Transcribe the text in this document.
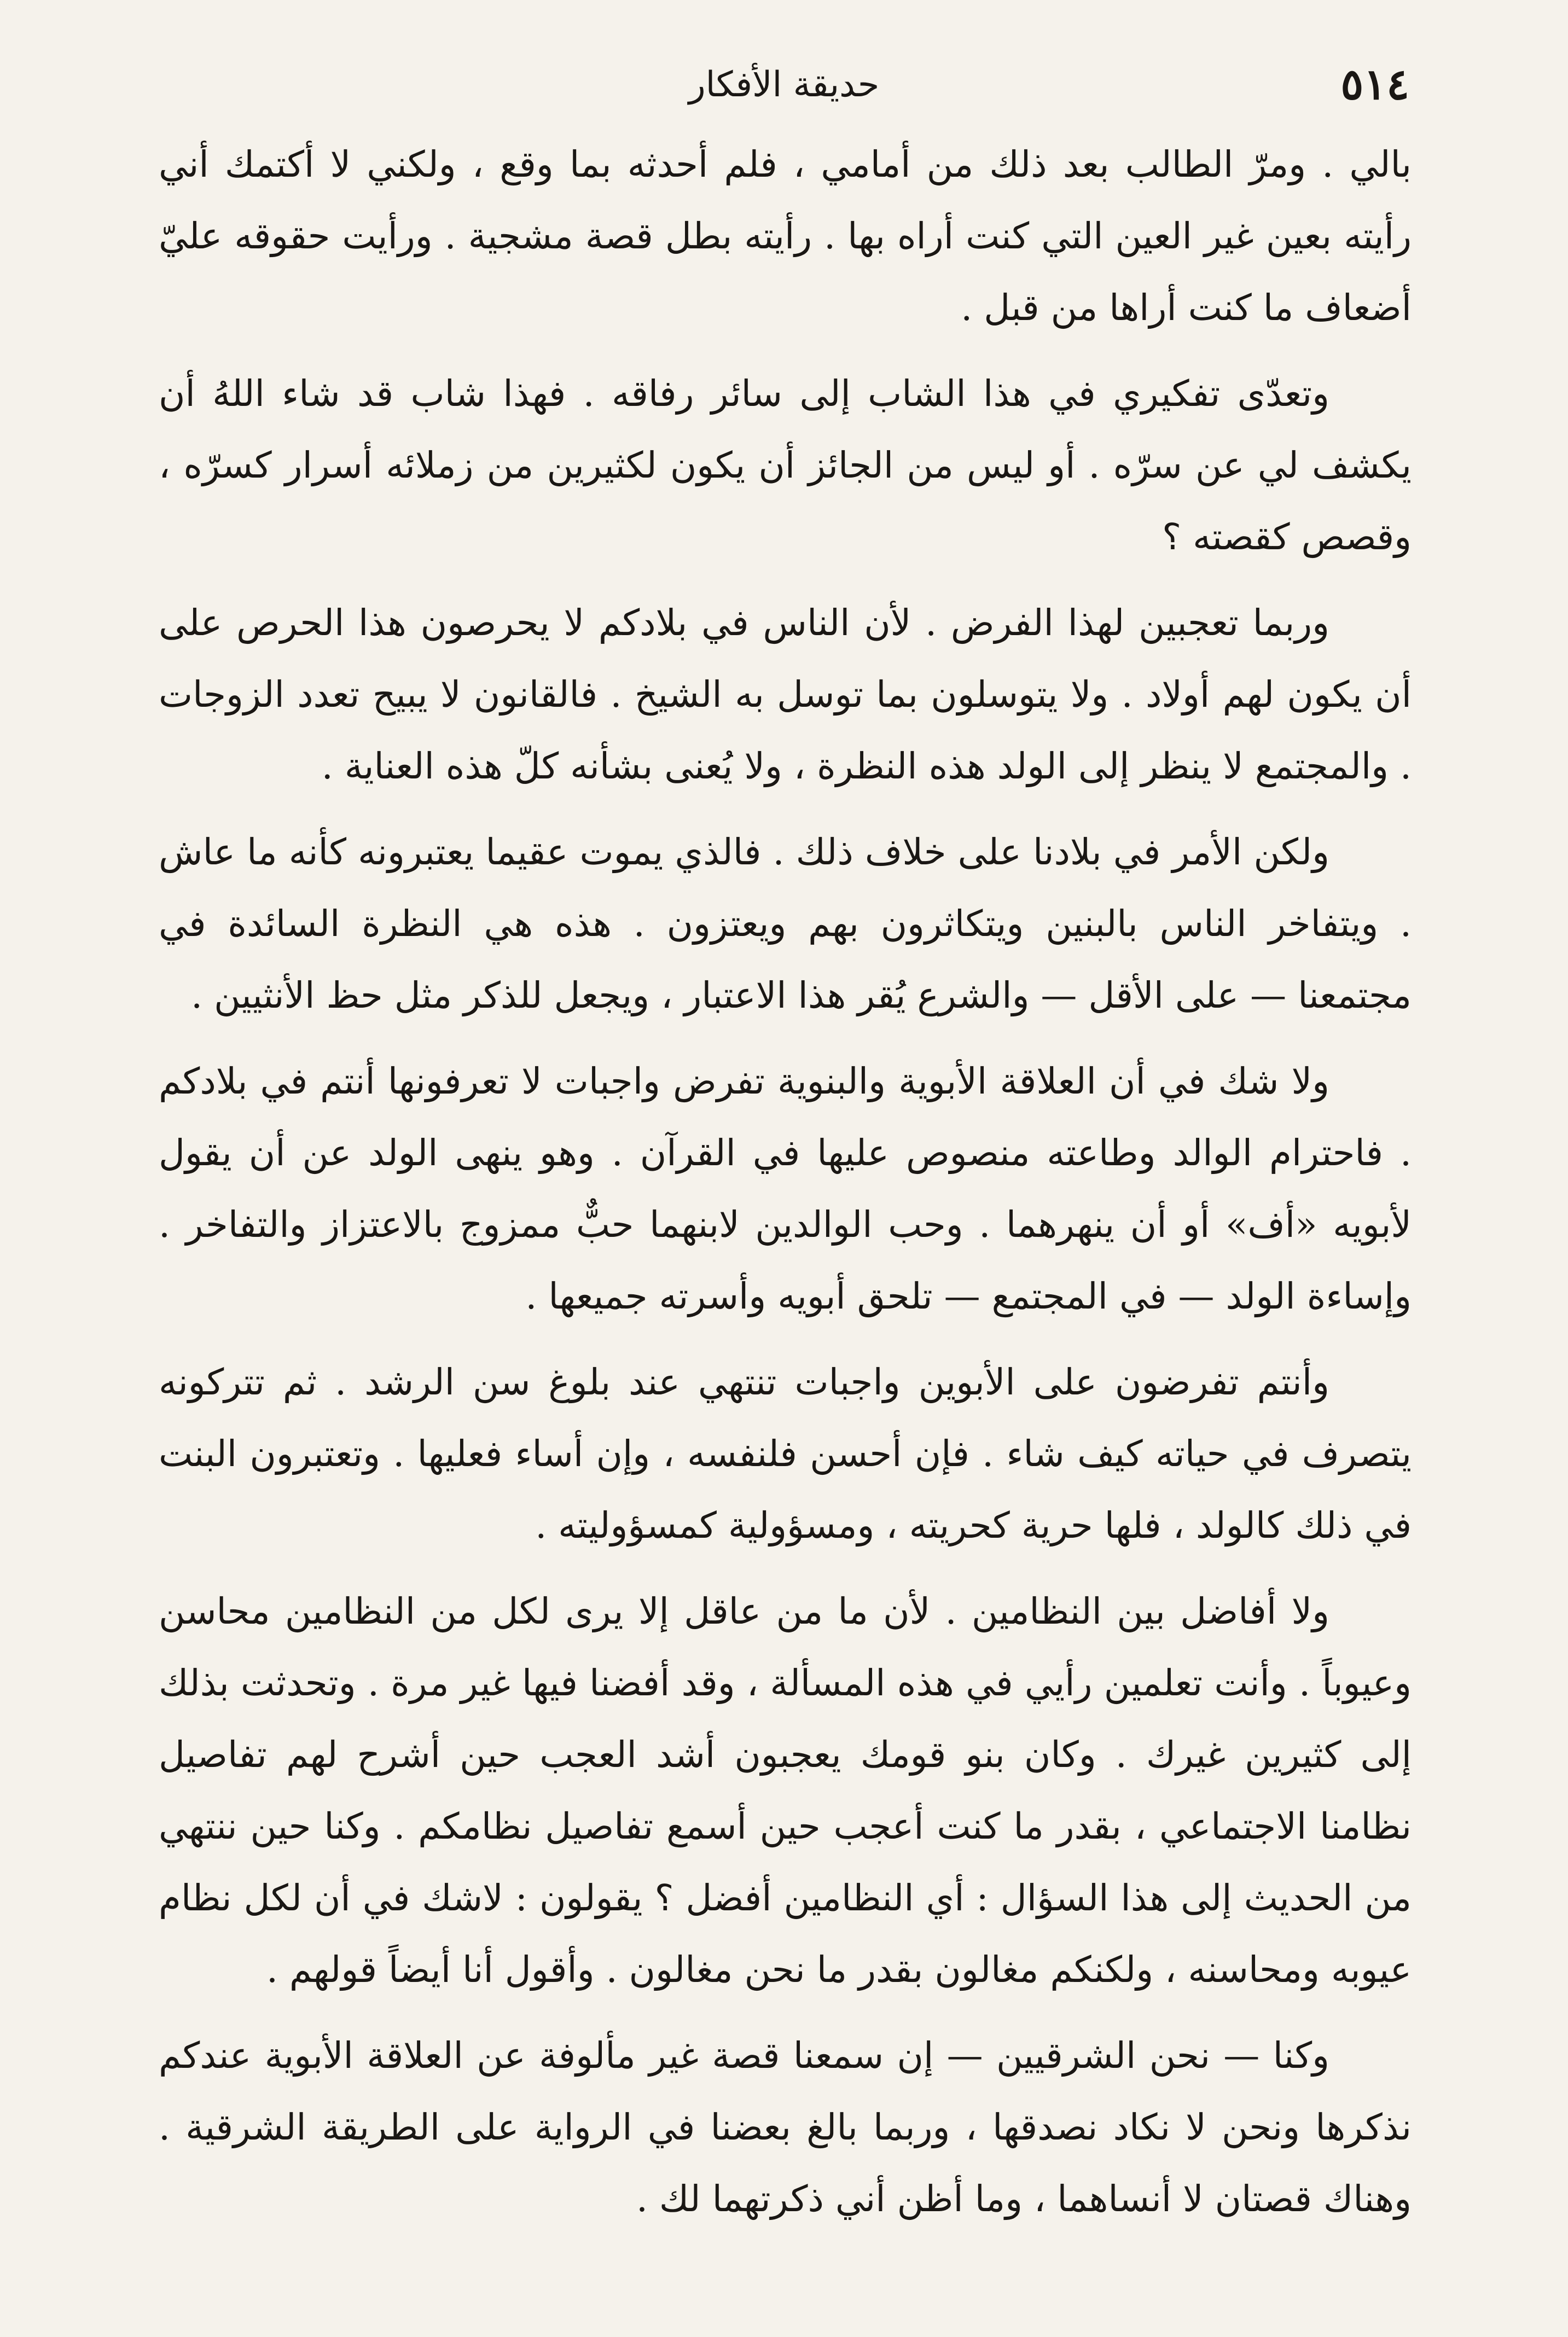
٥١٤
حديقة الأفكار

بالي . ومرّ الطالب بعد ذلك من أمامي ، فلم أحدثه بما وقع ، ولكني لا أكتمك أني رأيته بعين غير العين التي كنت أراه بها . رأيته بطل قصة مشجية . ورأيت حقوقه عليّ أضعاف ما كنت أراها من قبل .

وتعدّى تفكيري في هذا الشاب إلى سائر رفاقه . فهذا شاب قد شاء اللهُ أن يكشف لي عن سرّه . أو ليس من الجائز أن يكون لكثيرين من زملائه أسرار كسرّه ، وقصص كقصته ؟

وربما تعجبين لهذا الفرض . لأن الناس في بلادكم لا يحرصون هذا الحرص على أن يكون لهم أولاد . ولا يتوسلون بما توسل به الشيخ . فالقانون لا يبيح تعدد الزوجات . والمجتمع لا ينظر إلى الولد هذه النظرة ، ولا يُعنى بشأنه كلّ هذه العناية .

ولكن الأمر في بلادنا على خلاف ذلك . فالذي يموت عقيما يعتبرونه كأنه ما عاش . ويتفاخر الناس بالبنين ويتكاثرون بهم ويعتزون . هذه هي النظرة السائدة في مجتمعنا — على الأقل — والشرع يُقر هذا الاعتبار ، ويجعل للذكر مثل حظ الأنثيين .

ولا شك في أن العلاقة الأبوية والبنوية تفرض واجبات لا تعرفونها أنتم في بلادكم . فاحترام الوالد وطاعته منصوص عليها في القرآن . وهو ينهى الولد عن أن يقول لأبويه «أف» أو أن ينهرهما . وحب الوالدين لابنهما حبٌّ ممزوج بالاعتزاز والتفاخر . وإساءة الولد — في المجتمع — تلحق أبويه وأسرته جميعها .

وأنتم تفرضون على الأبوين واجبات تنتهي عند بلوغ سن الرشد . ثم تتركونه يتصرف في حياته كيف شاء . فإن أحسن فلنفسه ، وإن أساء فعليها . وتعتبرون البنت في ذلك كالولد ، فلها حرية كحريته ، ومسؤولية كمسؤوليته .

ولا أفاضل بين النظامين . لأن ما من عاقل إلا يرى لكل من النظامين محاسن وعيوباً . وأنت تعلمين رأيي في هذه المسألة ، وقد أفضنا فيها غير مرة . وتحدثت بذلك إلى كثيرين غيرك . وكان بنو قومك يعجبون أشد العجب حين أشرح لهم تفاصيل نظامنا الاجتماعي ، بقدر ما كنت أعجب حين أسمع تفاصيل نظامكم . وكنا حين ننتهي من الحديث إلى هذا السؤال : أي النظامين أفضل ؟ يقولون : لاشك في أن لكل نظام عيوبه ومحاسنه ، ولكنكم مغالون بقدر ما نحن مغالون . وأقول أنا أيضاً قولهم .

وكنا — نحن الشرقيين — إن سمعنا قصة غير مألوفة عن العلاقة الأبوية عندكم نذكرها ونحن لا نكاد نصدقها ، وربما بالغ بعضنا في الرواية على الطريقة الشرقية . وهناك قصتان لا أنساهما ، وما أظن أني ذكرتهما لك .
